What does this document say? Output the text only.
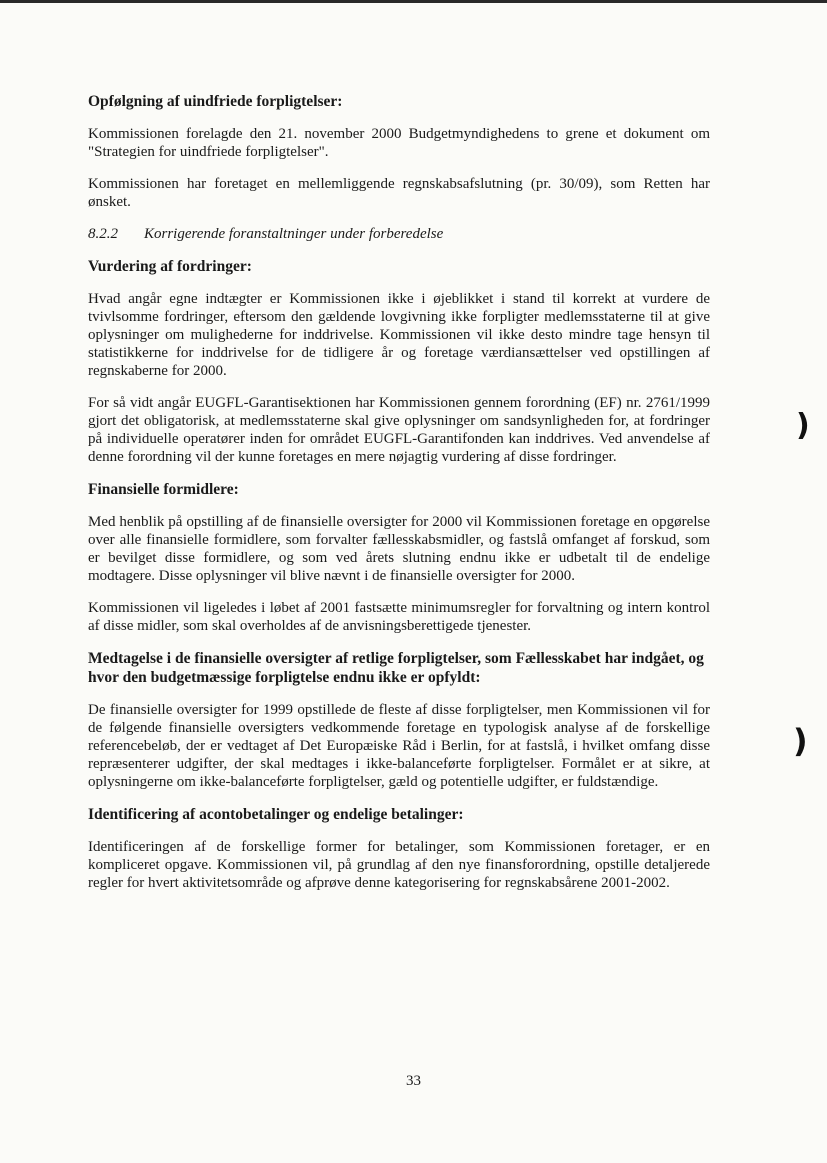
Opfølgning af uindfriede forpligtelser:
Kommissionen forelagde den 21. november 2000 Budgetmyndighedens to grene et dokument om "Strategien for uindfriede forpligtelser".
Kommissionen har foretaget en mellemliggende regnskabsafslutning (pr. 30/09), som Retten har ønsket.
8.2.2 Korrigerende foranstaltninger under forberedelse
Vurdering af fordringer:
Hvad angår egne indtægter er Kommissionen ikke i øjeblikket i stand til korrekt at vurdere de tvivlsomme fordringer, eftersom den gældende lovgivning ikke forpligter medlemsstaterne til at give oplysninger om mulighederne for inddrivelse. Kommissionen vil ikke desto mindre tage hensyn til statistikkerne for inddrivelse for de tidligere år og foretage værdiansættelser ved opstillingen af regnskaberne for 2000.
For så vidt angår EUGFL-Garantisektionen har Kommissionen gennem forordning (EF) nr. 2761/1999 gjort det obligatorisk, at medlemsstaterne skal give oplysninger om sandsynligheden for, at fordringer på individuelle operatører inden for området EUGFL-Garantifonden kan inddrives. Ved anvendelse af denne forordning vil der kunne foretages en mere nøjagtig vurdering af disse fordringer.
Finansielle formidlere:
Med henblik på opstilling af de finansielle oversigter for 2000 vil Kommissionen foretage en opgørelse over alle finansielle formidlere, som forvalter fællesskabsmidler, og fastslå omfanget af forskud, som er bevilget disse formidlere, og som ved årets slutning endnu ikke er udbetalt til de endelige modtagere. Disse oplysninger vil blive nævnt i de finansielle oversigter for 2000.
Kommissionen vil ligeledes i løbet af 2001 fastsætte minimumsregler for forvaltning og intern kontrol af disse midler, som skal overholdes af de anvisningsberettigede tjenester.
Medtagelse i de finansielle oversigter af retlige forpligtelser, som Fællesskabet har indgået, og hvor den budgetmæssige forpligtelse endnu ikke er opfyldt:
De finansielle oversigter for 1999 opstillede de fleste af disse forpligtelser, men Kommissionen vil for de følgende finansielle oversigters vedkommende foretage en typologisk analyse af de forskellige referencebeløb, der er vedtaget af Det Europæiske Råd i Berlin, for at fastslå, i hvilket omfang disse repræsenterer udgifter, der skal medtages i ikke-balanceførte forpligtelser. Formålet er at sikre, at oplysningerne om ikke-balanceførte forpligtelser, gæld og potentielle udgifter, er fuldstændige.
Identificering af acontobetalinger og endelige betalinger:
Identificeringen af de forskellige former for betalinger, som Kommissionen foretager, er en kompliceret opgave. Kommissionen vil, på grundlag af den nye finansforordning, opstille detaljerede regler for hvert aktivitetsområde og afprøve denne kategorisering for regnskabsårene 2001-2002.
)
)
33
